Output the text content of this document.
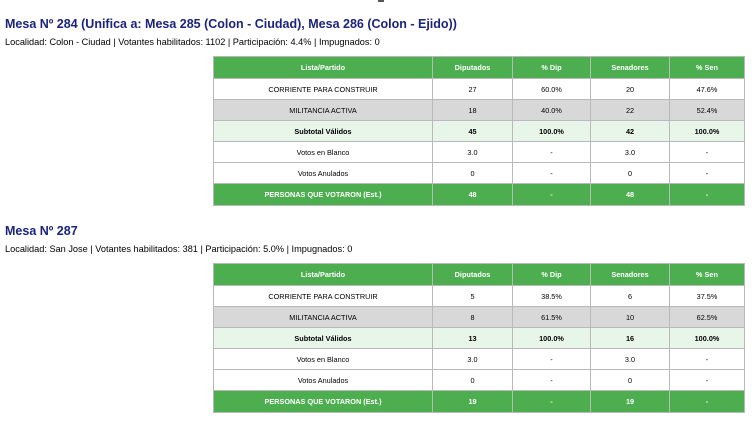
Mesa Nº 284 (Unifica a: Mesa 285 (Colon - Ciudad), Mesa 286 (Colon - Ejido))
Localidad: Colon - Ciudad | Votantes habilitados: 1102 | Participación: 4.4% | Impugnados: 0
Lista/Partido	Diputados	% Dip	Senadores	% Sen
CORRIENTE PARA CONSTRUIR	27	60.0%	20	47.6%
MILITANCIA ACTIVA	18	40.0%	22	52.4%
Subtotal Válidos	45	100.0%	42	100.0%
Votos en Blanco	3.0	-	3.0	-
Votos Anulados	0	-	0	-
PERSONAS QUE VOTARON (Est.)	48	-	48	-
Mesa Nº 287
Localidad: San Jose | Votantes habilitados: 381 | Participación: 5.0% | Impugnados: 0
Lista/Partido	Diputados	% Dip	Senadores	% Sen
CORRIENTE PARA CONSTRUIR	5	38.5%	6	37.5%
MILITANCIA ACTIVA	8	61.5%	10	62.5%
Subtotal Válidos	13	100.0%	16	100.0%
Votos en Blanco	3.0	-	3.0	-
Votos Anulados	0	-	0	-
PERSONAS QUE VOTARON (Est.)	19	-	19	-
